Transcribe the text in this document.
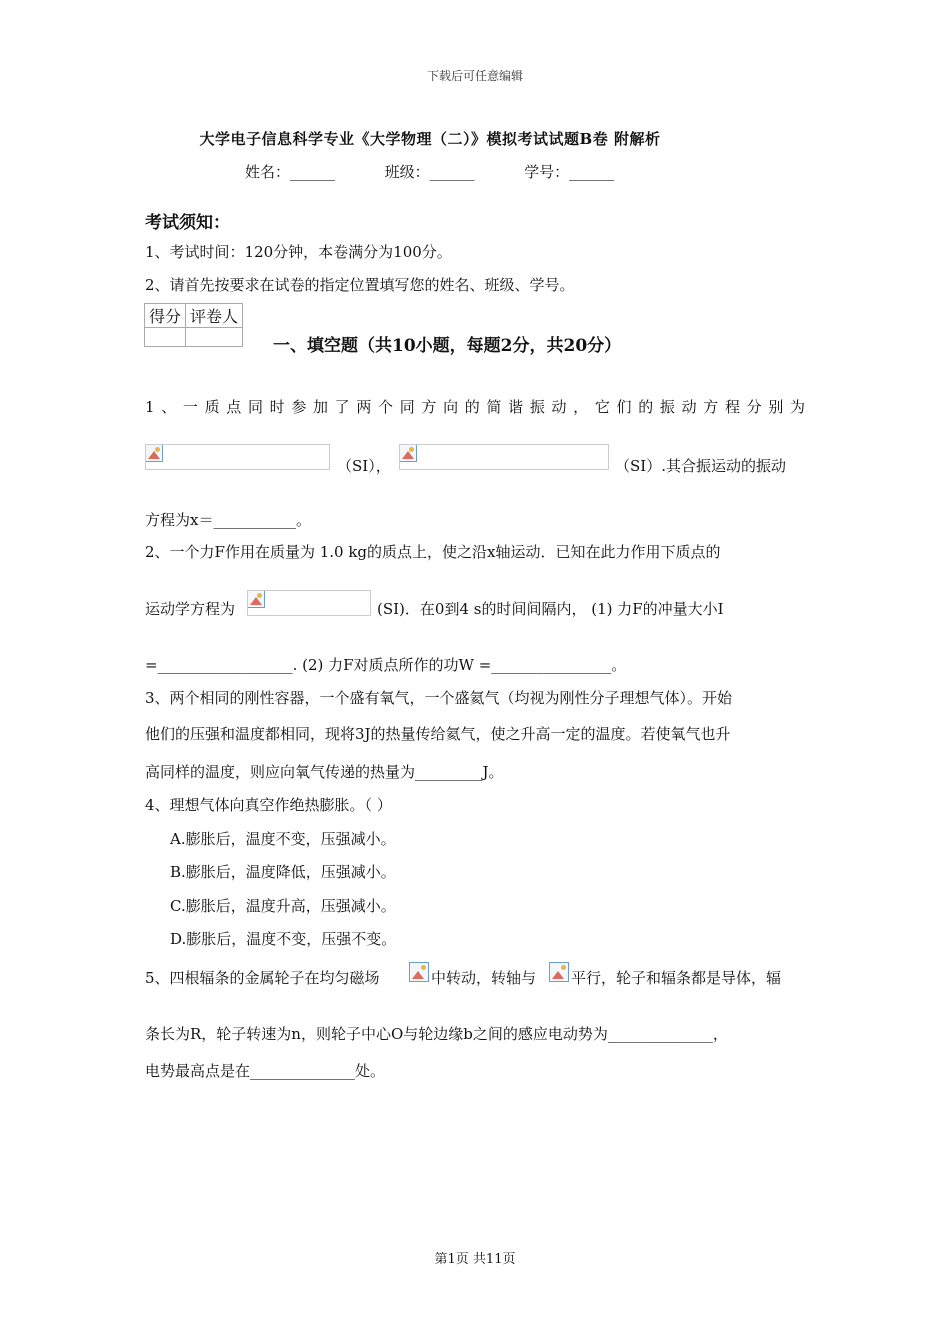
下载后可任意编辑
大学电子信息科学专业《大学物理（二）》模拟考试试题B卷 附解析
姓名：______	班级：______	学号：______
考试须知：
1、考试时间：120分钟，本卷满分为100分。
2、请首先按要求在试卷的指定位置填写您的姓名、班级、学号。
得分	评卷人

一、填空题（共10小题，每题2分，共20分）
1、一质点同时参加了两个同方向的简谐振动，它们的振动方程分别为
（SI），	（SI）.其合振运动的振动
方程为x＝___________。
2、一个力F作用在质量为 1.0 kg的质点上，使之沿x轴运动．已知在此力作用下质点的
运动学方程为	(SI)．在0到4 s的时间间隔内， (1) 力F的冲量大小I
=__________________. (2) 力F对质点所作的功W =________________。
3、两个相同的刚性容器，一个盛有氧气，一个盛氦气（均视为刚性分子理想气体）。开始
他们的压强和温度都相同，现将3J的热量传给氦气，使之升高一定的温度。若使氧气也升
高同样的温度，则应向氧气传递的热量为_________J。
4、理想气体向真空作绝热膨胀。（ ）
A.膨胀后，温度不变，压强减小。
B.膨胀后，温度降低，压强减小。
C.膨胀后，温度升高，压强减小。
D.膨胀后，温度不变，压强不变。
5、四根辐条的金属轮子在均匀磁场	中转动，转轴与 平行，轮子和辐条都是导体，辐
条长为R，轮子转速为n，则轮子中心O与轮边缘b之间的感应电动势为______________，
电势最高点是在______________处。
第1页 共11页
